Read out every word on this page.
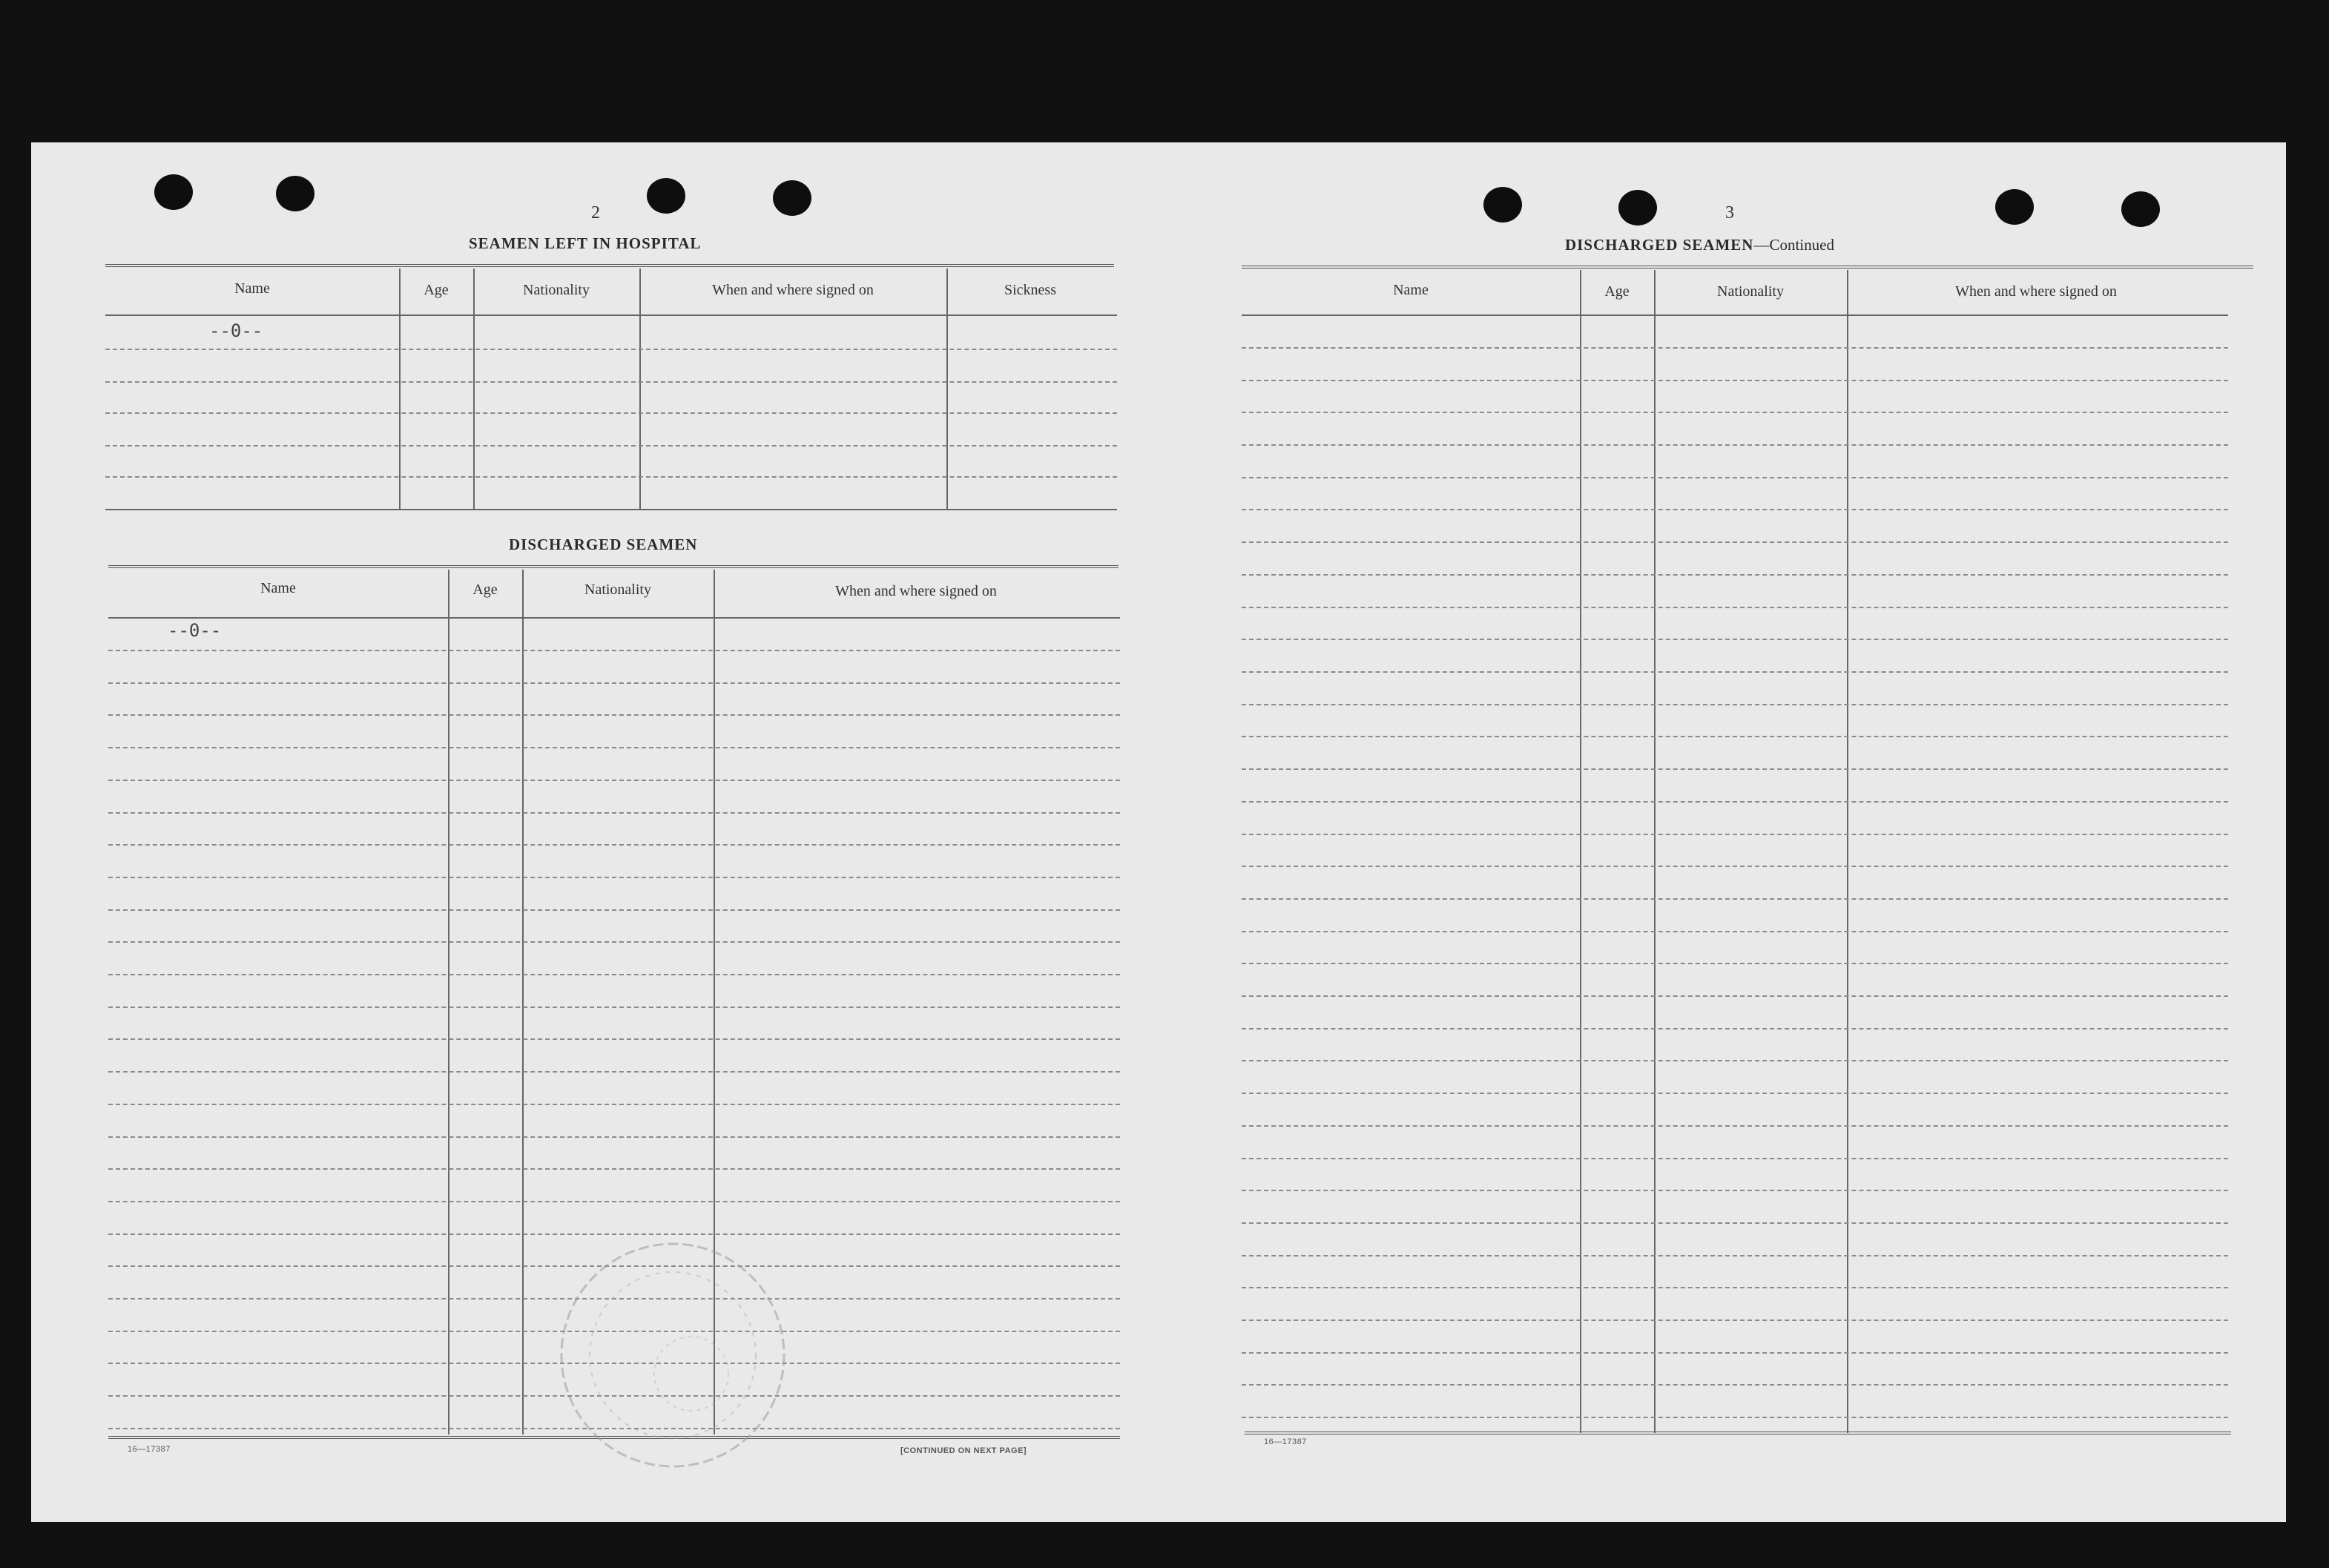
2
SEAMEN LEFT IN HOSPITAL
Name	Age	Nationality	When and where signed on	Sickness
--0--
DISCHARGED SEAMEN
Name	Age	Nationality	When and where signed on
--0--
16—17387	[CONTINUED ON NEXT PAGE]
3
DISCHARGED SEAMEN—Continued
Name	Age	Nationality	When and where signed on
16—17387
